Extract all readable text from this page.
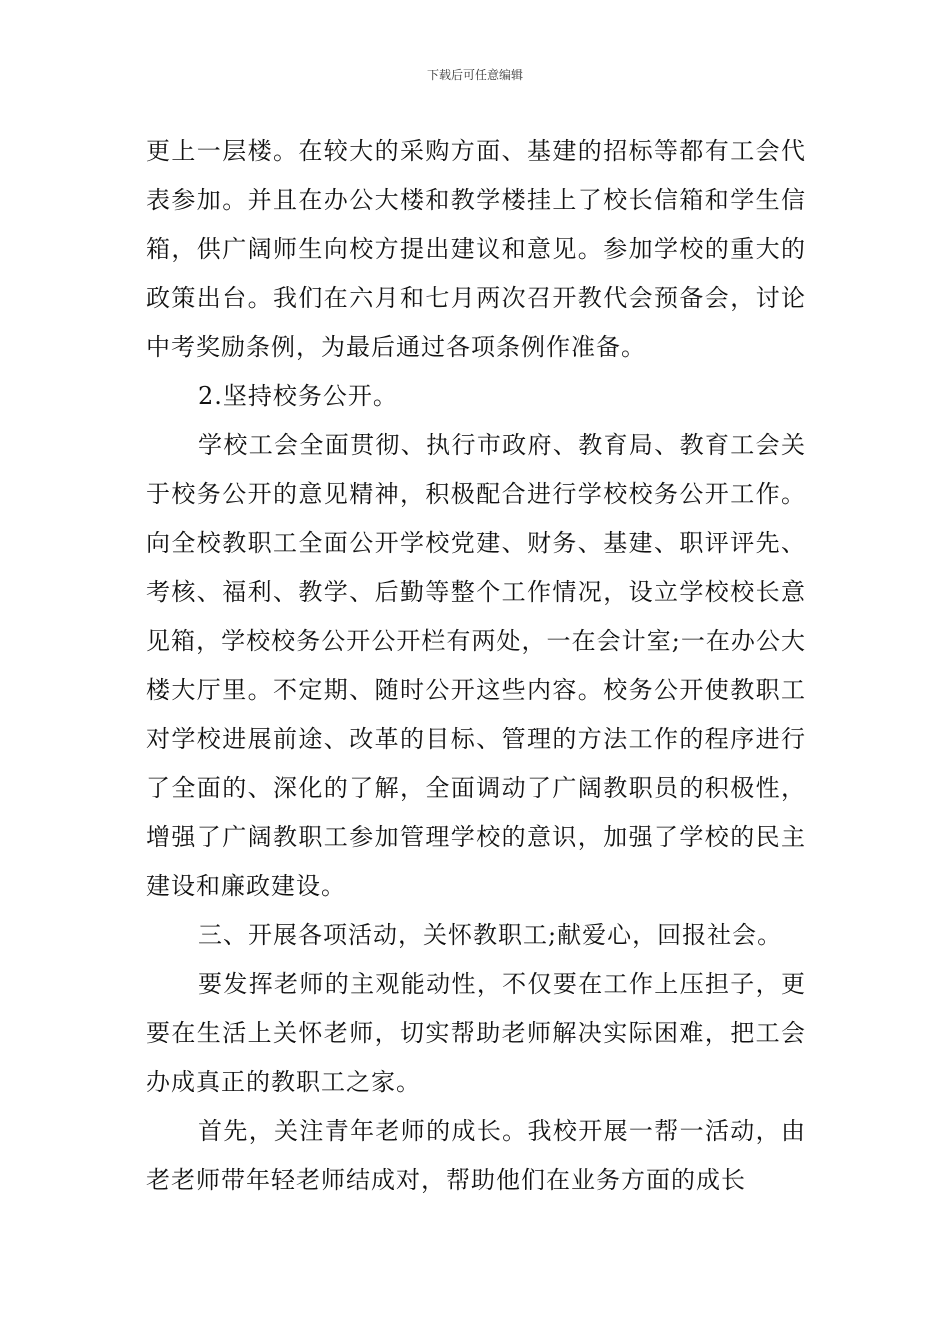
下载后可任意编辑

更上一层楼。在较大的采购方面、基建的招标等都有工会代表参加。并且在办公大楼和教学楼挂上了校长信箱和学生信箱，供广阔师生向校方提出建议和意见。参加学校的重大的政策出台。我们在六月和七月两次召开教代会预备会，讨论中考奖励条例，为最后通过各项条例作准备。

2.坚持校务公开。

学校工会全面贯彻、执行市政府、教育局、教育工会关于校务公开的意见精神，积极配合进行学校校务公开工作。向全校教职工全面公开学校党建、财务、基建、职评评先、考核、福利、教学、后勤等整个工作情况，设立学校校长意见箱，学校校务公开公开栏有两处，一在会计室;一在办公大楼大厅里。不定期、随时公开这些内容。校务公开使教职工对学校进展前途、改革的目标、管理的方法工作的程序进行了全面的、深化的了解，全面调动了广阔教职员的积极性，增强了广阔教职工参加管理学校的意识，加强了学校的民主建设和廉政建设。

三、开展各项活动，关怀教职工;献爱心，回报社会。

要发挥老师的主观能动性，不仅要在工作上压担子，更要在生活上关怀老师，切实帮助老师解决实际困难，把工会办成真正的教职工之家。

首先，关注青年老师的成长。我校开展一帮一活动，由老老师带年轻老师结成对，帮助他们在业务方面的成长
